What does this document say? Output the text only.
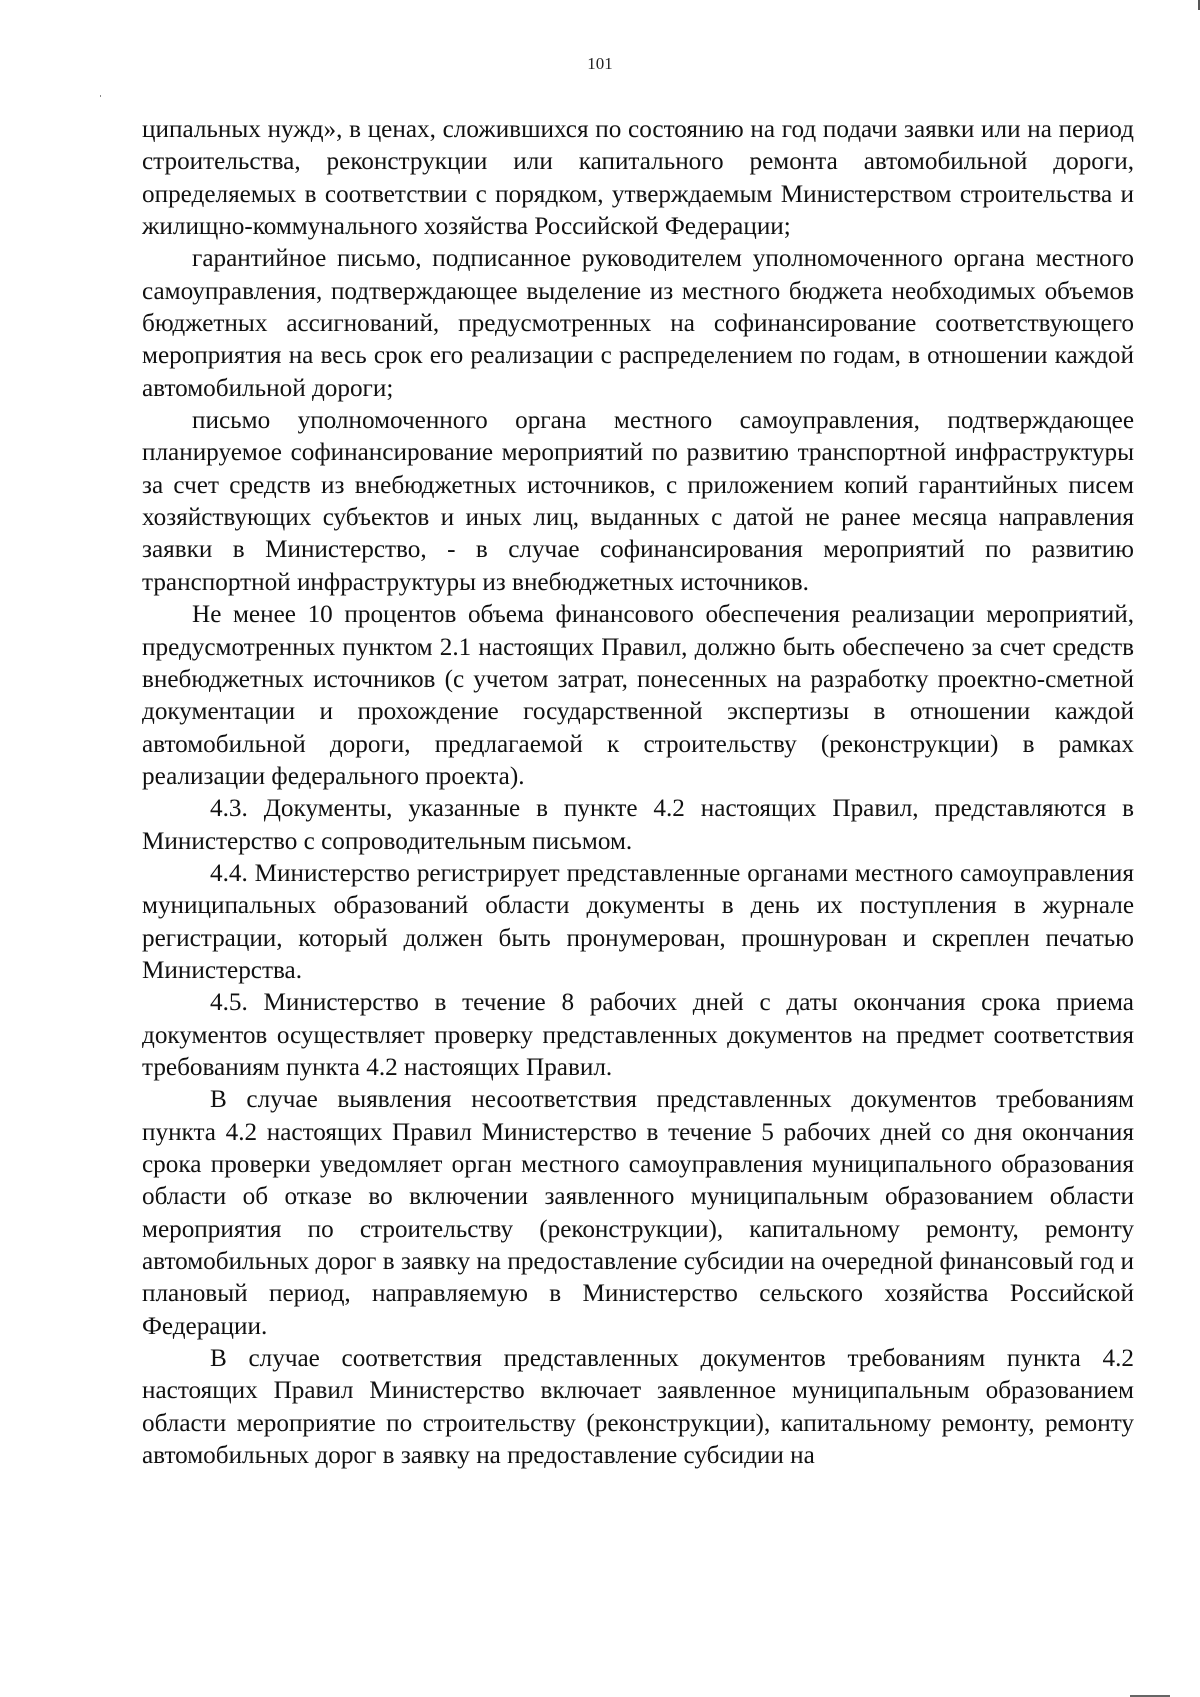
101

ципальных нужд», в ценах, сложившихся по состоянию на год подачи заявки или на период строительства, реконструкции или капитального ремонта автомобильной дороги, определяемых в соответствии с порядком, утверждаемым Министерством строительства и жилищно-коммунального хозяйства Российской Федерации;

гарантийное письмо, подписанное руководителем уполномоченного органа местного самоуправления, подтверждающее выделение из местного бюджета необходимых объемов бюджетных ассигнований, предусмотренных на софинансирование соответствующего мероприятия на весь срок его реализации с распределением по годам, в отношении каждой автомобильной дороги;

письмо уполномоченного органа местного самоуправления, подтверждающее планируемое софинансирование мероприятий по развитию транспортной инфраструктуры за счет средств из внебюджетных источников, с приложением копий гарантийных писем хозяйствующих субъектов и иных лиц, выданных с датой не ранее месяца направления заявки в Министерство, - в случае софинансирования мероприятий по развитию транспортной инфраструктуры из внебюджетных источников.

Не менее 10 процентов объема финансового обеспечения реализации мероприятий, предусмотренных пунктом 2.1 настоящих Правил, должно быть обеспечено за счет средств внебюджетных источников (с учетом затрат, понесенных на разработку проектно-сметной документации и прохождение государственной экспертизы в отношении каждой автомобильной дороги, предлагаемой к строительству (реконструкции) в рамках реализации федерального проекта).

4.3. Документы, указанные в пункте 4.2 настоящих Правил, представляются в Министерство с сопроводительным письмом.

4.4. Министерство регистрирует представленные органами местного самоуправления муниципальных образований области документы в день их поступления в журнале регистрации, который должен быть пронумерован, прошнурован и скреплен печатью Министерства.

4.5. Министерство в течение 8 рабочих дней с даты окончания срока приема документов осуществляет проверку представленных документов на предмет соответствия требованиям пункта 4.2 настоящих Правил.

В случае выявления несоответствия представленных документов требованиям пункта 4.2 настоящих Правил Министерство в течение 5 рабочих дней со дня окончания срока проверки уведомляет орган местного самоуправления муниципального образования области об отказе во включении заявленного муниципальным образованием области мероприятия по строительству (реконструкции), капитальному ремонту, ремонту автомобильных дорог в заявку на предоставление субсидии на очередной финансовый год и плановый период, направляемую в Министерство сельского хозяйства Российской Федерации.

В случае соответствия представленных документов требованиям пункта 4.2 настоящих Правил Министерство включает заявленное муниципальным образованием области мероприятие по строительству (реконструкции), капитальному ремонту, ремонту автомобильных дорог в заявку на предоставление субсидии на
